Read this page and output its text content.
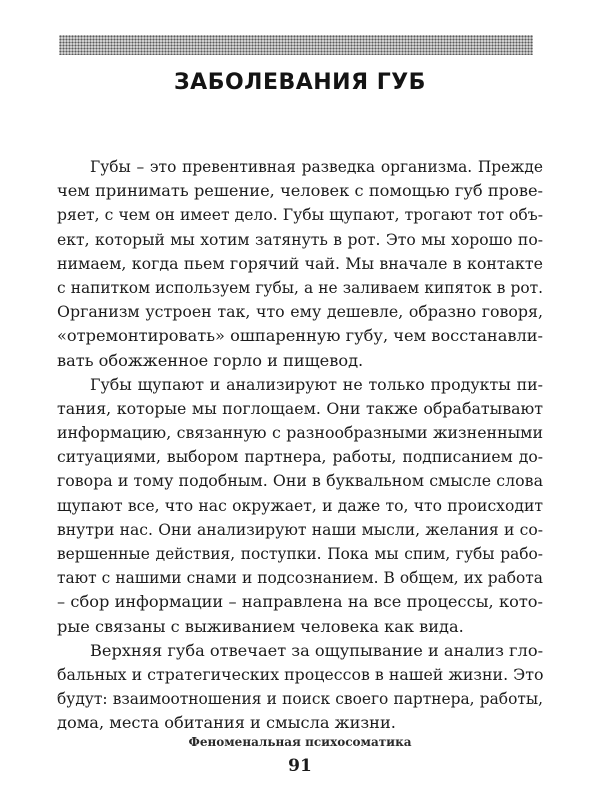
ЗАБОЛЕВАНИЯ ГУБ

Губы – это превентивная разведка организма. Прежде
чем принимать решение, человек с помощью губ прове-
ряет, с чем он имеет дело. Губы щупают, трогают тот объ-
ект, который мы хотим затянуть в рот. Это мы хорошо по-
нимаем, когда пьем горячий чай. Мы вначале в контакте
с напитком используем губы, а не заливаем кипяток в рот.
Организм устроен так, что ему дешевле, образно говоря,
«отремонтировать» ошпаренную губу, чем восстанавли-
вать обожженное горло и пищевод.

Губы щупают и анализируют не только продукты пи-
тания, которые мы поглощаем. Они также обрабатывают
информацию, связанную с разнообразными жизненными
ситуациями, выбором партнера, работы, подписанием до-
говора и тому подобным. Они в буквальном смысле слова
щупают все, что нас окружает, и даже то, что происходит
внутри нас. Они анализируют наши мысли, желания и со-
вершенные действия, поступки. Пока мы спим, губы рабо-
тают с нашими снами и подсознанием. В общем, их работа
– сбор информации – направлена на все процессы, кото-
рые связаны с выживанием человека как вида.

Верхняя губа отвечает за ощупывание и анализ гло-
бальных и стратегических процессов в нашей жизни. Это
будут: взаимоотношения и поиск своего партнера, работы,
дома, места обитания и смысла жизни.

Феноменальная психосоматика
91
